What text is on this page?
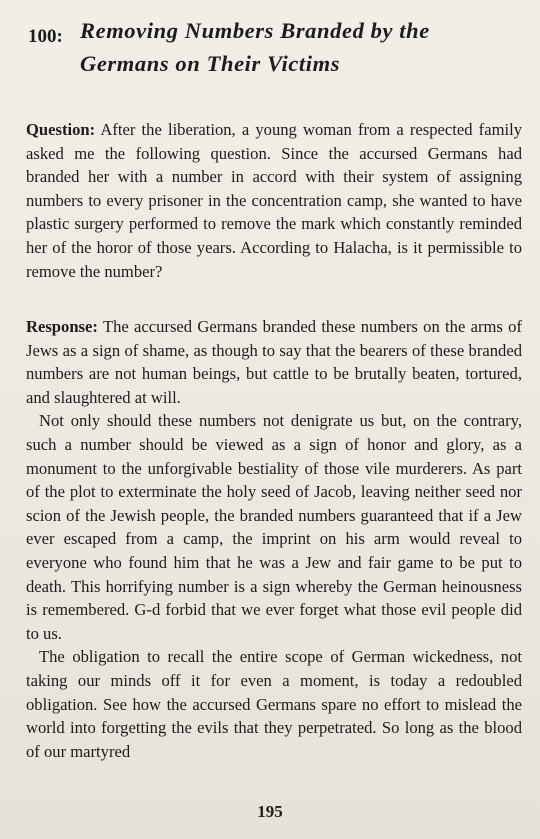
100: Removing Numbers Branded by the
Germans on Their Victims

Question: After the liberation, a young woman from a respected family asked me the following question. Since the accursed Germans had branded her with a number in accord with their system of assigning numbers to every prisoner in the concentration camp, she wanted to have plastic surgery performed to remove the mark which constantly reminded her of the horor of those years. According to Halacha, is it permissible to remove the number?

Response: The accursed Germans branded these numbers on the arms of Jews as a sign of shame, as though to say that the bearers of these branded numbers are not human beings, but cattle to be brutally beaten, tortured, and slaughtered at will.

Not only should these numbers not denigrate us but, on the contrary, such a number should be viewed as a sign of honor and glory, as a monument to the unforgivable bestiality of those vile murderers. As part of the plot to exterminate the holy seed of Jacob, leaving neither seed nor scion of the Jewish people, the branded numbers guaranteed that if a Jew ever escaped from a camp, the imprint on his arm would reveal to everyone who found him that he was a Jew and fair game to be put to death. This horrifying number is a sign whereby the German heinousness is remembered. G-d forbid that we ever forget what those evil people did to us.

The obligation to recall the entire scope of German wickedness, not taking our minds off it for even a moment, is today a redoubled obligation. See how the accursed Germans spare no effort to mislead the world into forgetting the evils that they perpetrated. So long as the blood of our martyred

195
